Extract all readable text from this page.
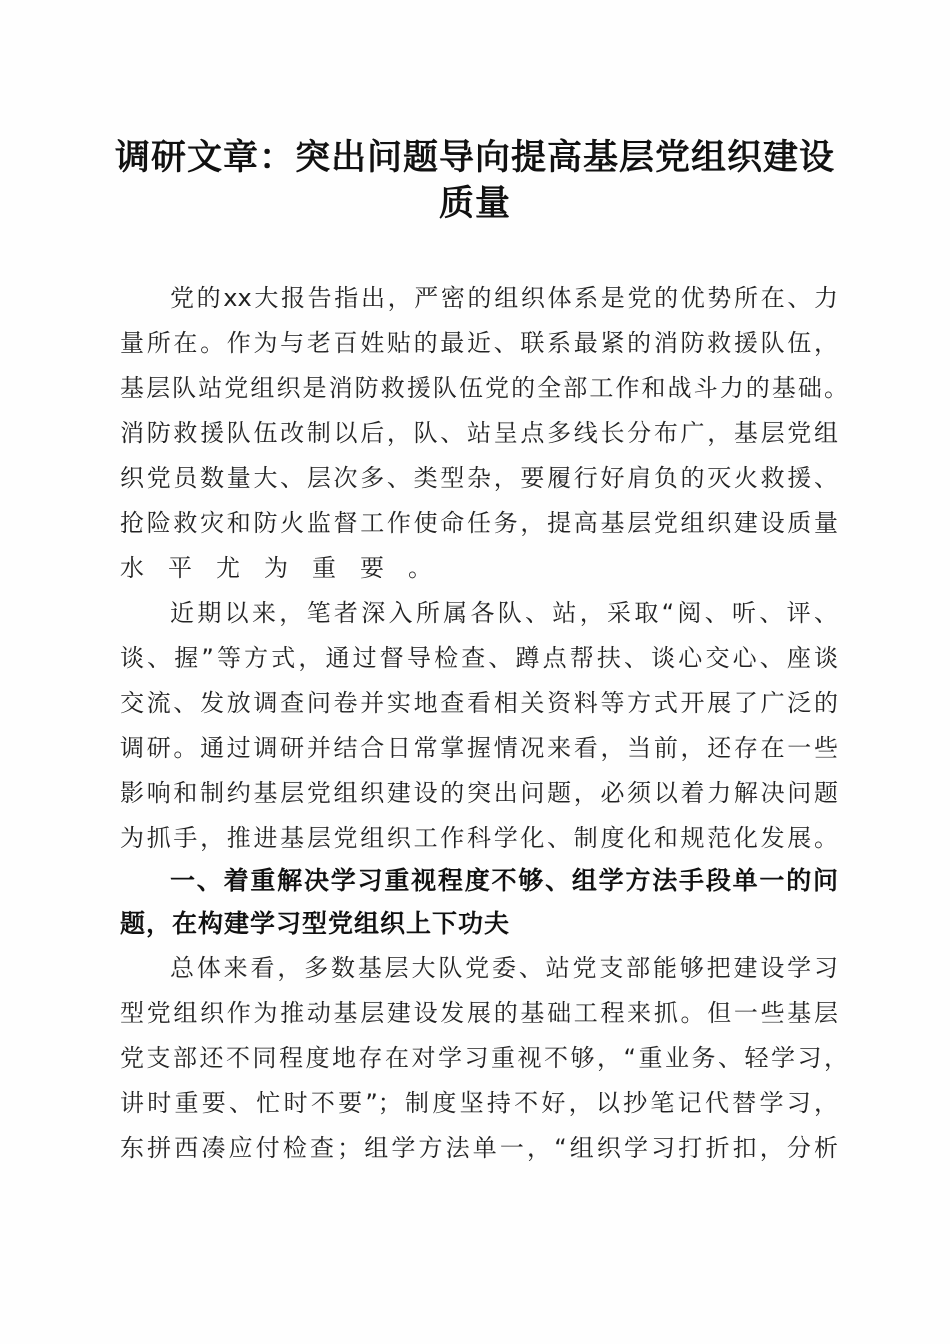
调研文章：突出问题导向提高基层党组织建设
质量
党的xx大报告指出，严密的组织体系是党的优势所在、力
量所在。作为与老百姓贴的最近、联系最紧的消防救援队伍，
基层队站党组织是消防救援队伍党的全部工作和战斗力的基础。
消防救援队伍改制以后，队、站呈点多线长分布广，基层党组
织党员数量大、层次多、类型杂，要履行好肩负的灭火救援、
抢险救灾和防火监督工作使命任务，提高基层党组织建设质量
水平尤为重要。
近期以来，笔者深入所属各队、站，采取“阅、听、评、
谈、握”等方式，通过督导检查、蹲点帮扶、谈心交心、座谈
交流、发放调查问卷并实地查看相关资料等方式开展了广泛的
调研。通过调研并结合日常掌握情况来看，当前，还存在一些
影响和制约基层党组织建设的突出问题，必须以着力解决问题
为抓手，推进基层党组织工作科学化、制度化和规范化发展。
一、着重解决学习重视程度不够、组学方法手段单一的问
题，在构建学习型党组织上下功夫
总体来看，多数基层大队党委、站党支部能够把建设学习
型党组织作为推动基层建设发展的基础工程来抓。但一些基层
党支部还不同程度地存在对学习重视不够，“重业务、轻学习，
讲时重要、忙时不要”；制度坚持不好，以抄笔记代替学习，
东拼西凑应付检查；组学方法单一，“组织学习打折扣，分析
